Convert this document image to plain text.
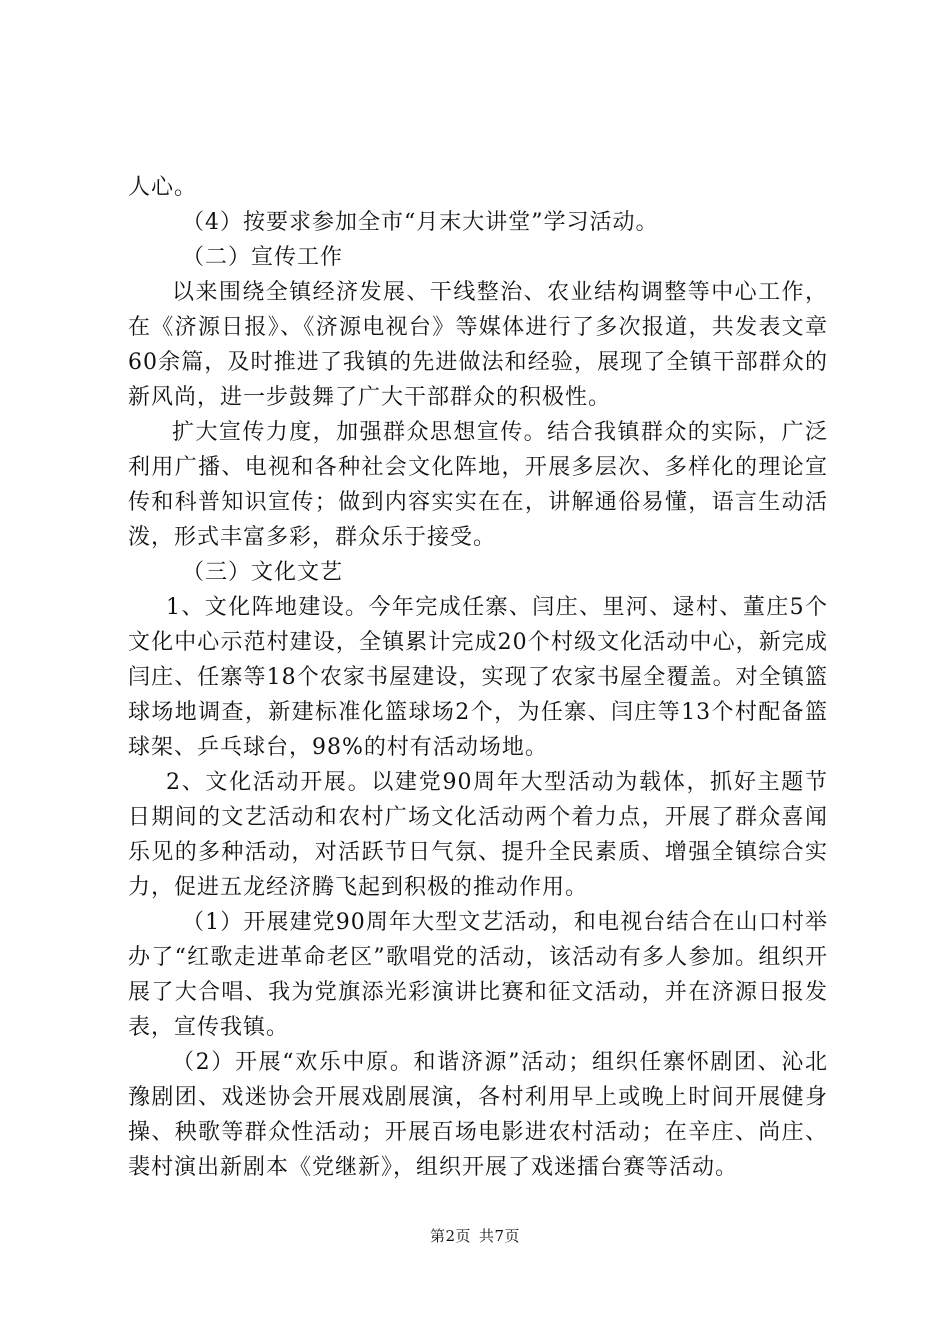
人心。

（4）按要求参加全市“月末大讲堂”学习活动。

（二）宣传工作

以来围绕全镇经济发展、干线整治、农业结构调整等中心工作，在《济源日报》、《济源电视台》等媒体进行了多次报道，共发表文章60余篇，及时推进了我镇的先进做法和经验，展现了全镇干部群众的新风尚，进一步鼓舞了广大干部群众的积极性。

扩大宣传力度，加强群众思想宣传。结合我镇群众的实际，广泛利用广播、电视和各种社会文化阵地，开展多层次、多样化的理论宣传和科普知识宣传；做到内容实实在在，讲解通俗易懂，语言生动活泼，形式丰富多彩，群众乐于接受。

（三）文化文艺

1、文化阵地建设。今年完成任寨、闫庄、里河、逯村、董庄5个文化中心示范村建设，全镇累计完成20个村级文化活动中心，新完成闫庄、任寨等18个农家书屋建设，实现了农家书屋全覆盖。对全镇篮球场地调查，新建标准化篮球场2个，为任寨、闫庄等13个村配备篮球架、乒乓球台，98%的村有活动场地。

2、文化活动开展。以建党90周年大型活动为载体，抓好主题节日期间的文艺活动和农村广场文化活动两个着力点，开展了群众喜闻乐见的多种活动，对活跃节日气氛、提升全民素质、增强全镇综合实力，促进五龙经济腾飞起到积极的推动作用。

（1）开展建党90周年大型文艺活动，和电视台结合在山口村举办了“红歌走进革命老区”歌唱党的活动，该活动有多人参加。组织开展了大合唱、我为党旗添光彩演讲比赛和征文活动，并在济源日报发表，宣传我镇。

（2）开展“欢乐中原。和谐济源”活动；组织任寨怀剧团、沁北豫剧团、戏迷协会开展戏剧展演，各村利用早上或晚上时间开展健身操、秧歌等群众性活动；开展百场电影进农村活动；在辛庄、尚庄、裴村演出新剧本《党继新》，组织开展了戏迷擂台赛等活动。

第2页 共7页
